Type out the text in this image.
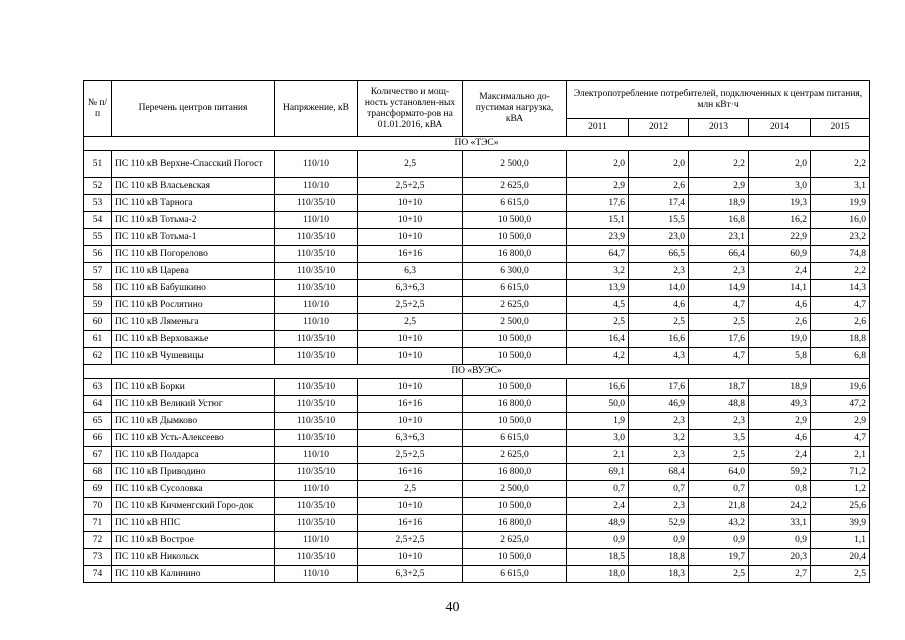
№ п/п	Перечень центров питания	Напряжение, кВ	Количество и мощ-ность установлен-ных трансформато-ров на 01.01.2016, кВА	Максимально до-пустимая нагрузка, кВА	Электропотребление потребителей, подключенных к центрам питания, млн кВт·ч				
					2011	2012	2013	2014	2015
ПО «ТЭС»									
51	ПС 110 кВ Верхне-Спасский Погост	110/10	2,5	2 500,0	2,0	2,0	2,2	2,0	2,2
52	ПС 110 кВ Власьевская	110/10	2,5+2,5	2 625,0	2,9	2,6	2,9	3,0	3,1
53	ПС 110 кВ Тарнога	110/35/10	10+10	6 615,0	17,6	17,4	18,9	19,3	19,9
54	ПС 110 кВ Тотьма-2	110/10	10+10	10 500,0	15,1	15,5	16,8	16,2	16,0
55	ПС 110 кВ Тотьма-1	110/35/10	10+10	10 500,0	23,9	23,0	23,1	22,9	23,2
56	ПС 110 кВ Погорелово	110/35/10	16+16	16 800,0	64,7	66,5	66,4	60,9	74,8
57	ПС 110 кВ Царева	110/35/10	6,3	6 300,0	3,2	2,3	2,3	2,4	2,2
58	ПС 110 кВ Бабушкино	110/35/10	6,3+6,3	6 615,0	13,9	14,0	14,9	14,1	14,3
59	ПС 110 кВ Рослятино	110/10	2,5+2,5	2 625,0	4,5	4,6	4,7	4,6	4,7
60	ПС 110 кВ Ляменьга	110/10	2,5	2 500,0	2,5	2,5	2,5	2,6	2,6
61	ПС 110 кВ Верховажье	110/35/10	10+10	10 500,0	16,4	16,6	17,6	19,0	18,8
62	ПС 110 кВ Чушевицы	110/35/10	10+10	10 500,0	4,2	4,3	4,7	5,8	6,8
ПО «ВУЭС»									
63	ПС 110 кВ Борки	110/35/10	10+10	10 500,0	16,6	17,6	18,7	18,9	19,6
64	ПС 110 кВ Великий Устюг	110/35/10	16+16	16 800,0	50,0	46,9	48,8	49,3	47,2
65	ПС 110 кВ Дымково	110/35/10	10+10	10 500,0	1,9	2,3	2,3	2,9	2,9
66	ПС 110 кВ Усть-Алексеево	110/35/10	6,3+6,3	6 615,0	3,0	3,2	3,5	4,6	4,7
67	ПС 110 кВ Полдарса	110/10	2,5+2,5	2 625,0	2,1	2,3	2,5	2,4	2,1
68	ПС 110 кВ Приводино	110/35/10	16+16	16 800,0	69,1	68,4	64,0	59,2	71,2
69	ПС 110 кВ Сусоловка	110/10	2,5	2 500,0	0,7	0,7	0,7	0,8	1,2
70	ПС 110 кВ Кичменгский Горо-док	110/35/10	10+10	10 500,0	2,4	2,3	21,8	24,2	25,6
71	ПС 110 кВ НПС	110/35/10	16+16	16 800,0	48,9	52,9	43,2	33,1	39,9
72	ПС 110 кВ Вострое	110/10	2,5+2,5	2 625,0	0,9	0,9	0,9	0,9	1,1
73	ПС 110 кВ Никольск	110/35/10	10+10	10 500,0	18,5	18,8	19,7	20,3	20,4
74	ПС 110 кВ Калинино	110/10	6,3+2,5	6 615,0	18,0	18,3	2,5	2,7	2,5
40
